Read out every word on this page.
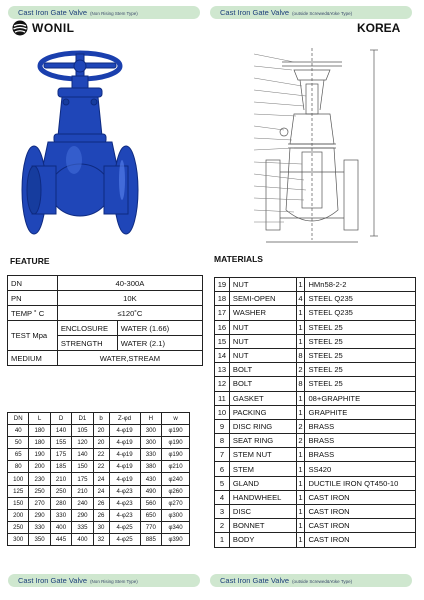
Cast Iron Gate Valve (Non Rising Stem Type)	Cast Iron Gate Valve (outside Screwed&Yoke Type)
WONIL	KOREA
FEATURE
DN	40-300A	
PN	10K	
TEMP ˚ C	≤120˚C	
TEST Mpa	ENCLOSURE	WATER (1.66)
	STRENGTH	WATER (2.1)
MEDIUM	WATER,STREAM	
DN	L	D	D1	b	Z-φd	H	w
40	180	140	105	20	4-φ19	300	φ190
50	180	155	120	20	4-φ19	300	φ190
65	190	175	140	22	4-φ19	330	φ190
80	200	185	150	22	4-φ19	380	φ210
100	230	210	175	24	4-φ19	430	φ240
125	250	250	210	24	4-φ23	490	φ260
150	270	280	240	26	4-φ23	560	φ270
200	290	330	290	26	4-φ23	650	φ300
250	330	400	335	30	4-φ25	770	φ340
300	350	445	400	32	4-φ25	885	φ390
MATERIALS
19	NUT	1	HMn58-2-2
18	SEMI-OPEN	4	STEEL Q235
17	WASHER	1	STEEL Q235
16	NUT	1	STEEL 25
15	NUT	1	STEEL 25
14	NUT	8	STEEL 25
13	BOLT	2	STEEL 25
12	BOLT	8	STEEL 25
11	GASKET	1	08+GRAPHITE
10	PACKING	1	GRAPHITE
9	DISC RING	2	BRASS
8	SEAT RING	2	BRASS
7	STEM NUT	1	BRASS
6	STEM	1	SS420
5	GLAND	1	DUCTILE IRON QT450-10
4	HANDWHEEL	1	CAST IRON
3	DISC	1	CAST IRON
2	BONNET	1	CAST IRON
1	BODY	1	CAST IRON
Cast Iron Gate Valve (Non Rising Stem Type)	Cast Iron Gate Valve (outside Screwed&Yoke Type)
